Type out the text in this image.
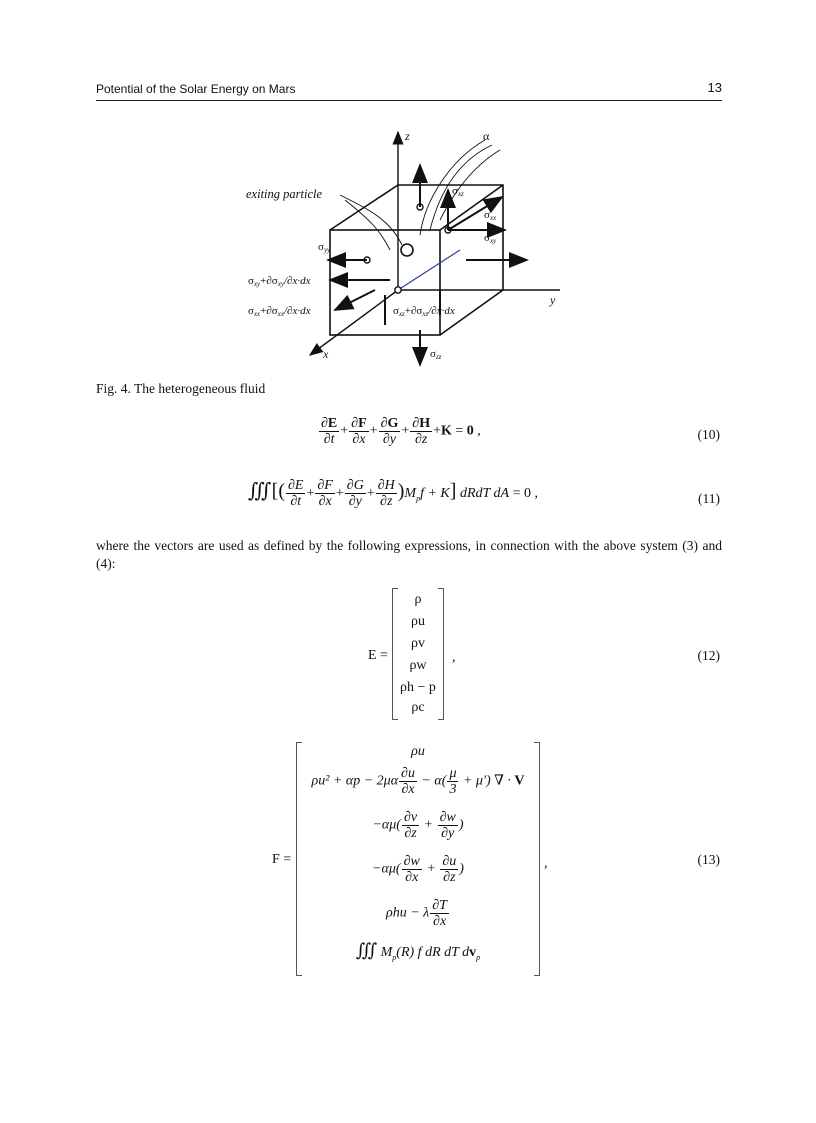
Potential of the Solar Energy on Mars	13
z	α
y
x
exiting particle	σxz
σxx
σxy
σyy
σzz
σxy+∂σxy/∂x·dx
σxx+∂σxx/∂x·dx	σxz+∂σxz/∂x·dx
Fig. 4. The heterogeneous fluid
$\frac{\partial E}{\partial t} + \frac{\partial F}{\partial x} + \frac{\partial G}{\partial y} + \frac{\partial H}{\partial z} +K = 0$ ,	(10)
∭[( $\frac{\partial E}{\partial t} + \frac{\partial F}{\partial x} + \frac{\partial G}{\partial y} + \frac{\partial H}{\partial z} )M_pf + K$] dRdT dA = 0 ,	(11)
where the vectors are used as defined by the following expressions, in connection with the above system (3) and (4):
E =
ρ
ρu
ρv
ρw
ρh − p
ρc
,	(12)
F =
ρu
$\rho u^2 + \alpha p - 2\mu\alpha \frac{\partial u}{\partial x} - \alpha( \frac{\mu}{3} + \mu')$ ∇ · V
$-\alpha\mu( \frac{\partial v}{\partial z} + \frac{\partial w}{\partial y}$ )
$-\alpha\mu( \frac{\partial w}{\partial x} + \frac{\partial u}{\partial z}$ )
ρhu − λ $\frac{\partial T}{\partial x}$
∭ $M_p(R)$ f dR dT $dv_p$
,	(13)
